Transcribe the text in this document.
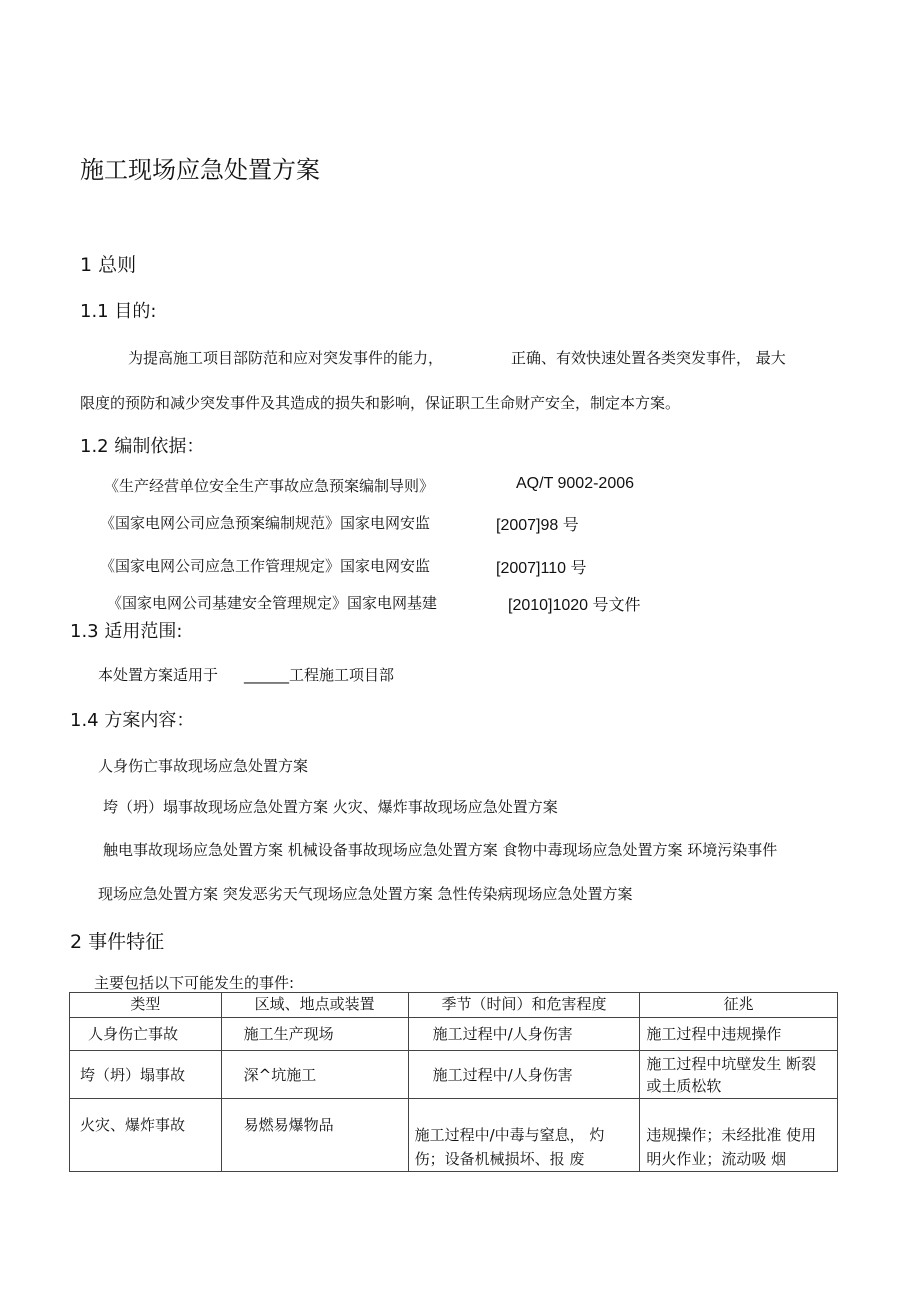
施工现场应急处置方案
1 总则
1.1 目的:
为提高施工项目部防范和应对突发事件的能力，	正确、有效快速处置各类突发事件， 最大
限度的预防和减少突发事件及其造成的损失和影响，保证职工生命财产安全，制定本方案。
1.2 编制依据：
《生产经营单位安全生产事故应急预案编制导则》	AQ/T 9002-2006
《国家电网公司应急预案编制规范》国家电网安监	[2007]98 号
《国家电网公司应急工作管理规定》国家电网安监	[2007]110 号
《国家电网公司基建安全管理规定》国家电网基建	[2010]1020 号文件
1.3 适用范围:
本处置方案适用于 ______工程施工项目部
1.4 方案内容：
人身伤亡事故现场应急处置方案
垮（坍）塌事故现场应急处置方案 火灾、爆炸事故现场应急处置方案
触电事故现场应急处置方案 机械设备事故现场应急处置方案 食物中毒现场应急处置方案 环境污染事件
现场应急处置方案 突发恶劣天气现场应急处置方案 急性传染病现场应急处置方案
2 事件特征
主要包括以下可能发生的事件:
类型	区域、地点或装置	季节（时间）和危害程度	征兆
人身伤亡事故	施工生产现场	施工过程中/人身伤害	施工过程中违规操作
垮（坍）塌事故	深^坑施工	施工过程中/人身伤害	施工过程中坑壁发生 断裂或土质松软
火灾、爆炸事故	易燃易爆物品	施工过程中/中毒与窒息， 灼伤；设备机械损坏、报 废	违规操作；未经批准 使用明火作业；流动吸 烟
